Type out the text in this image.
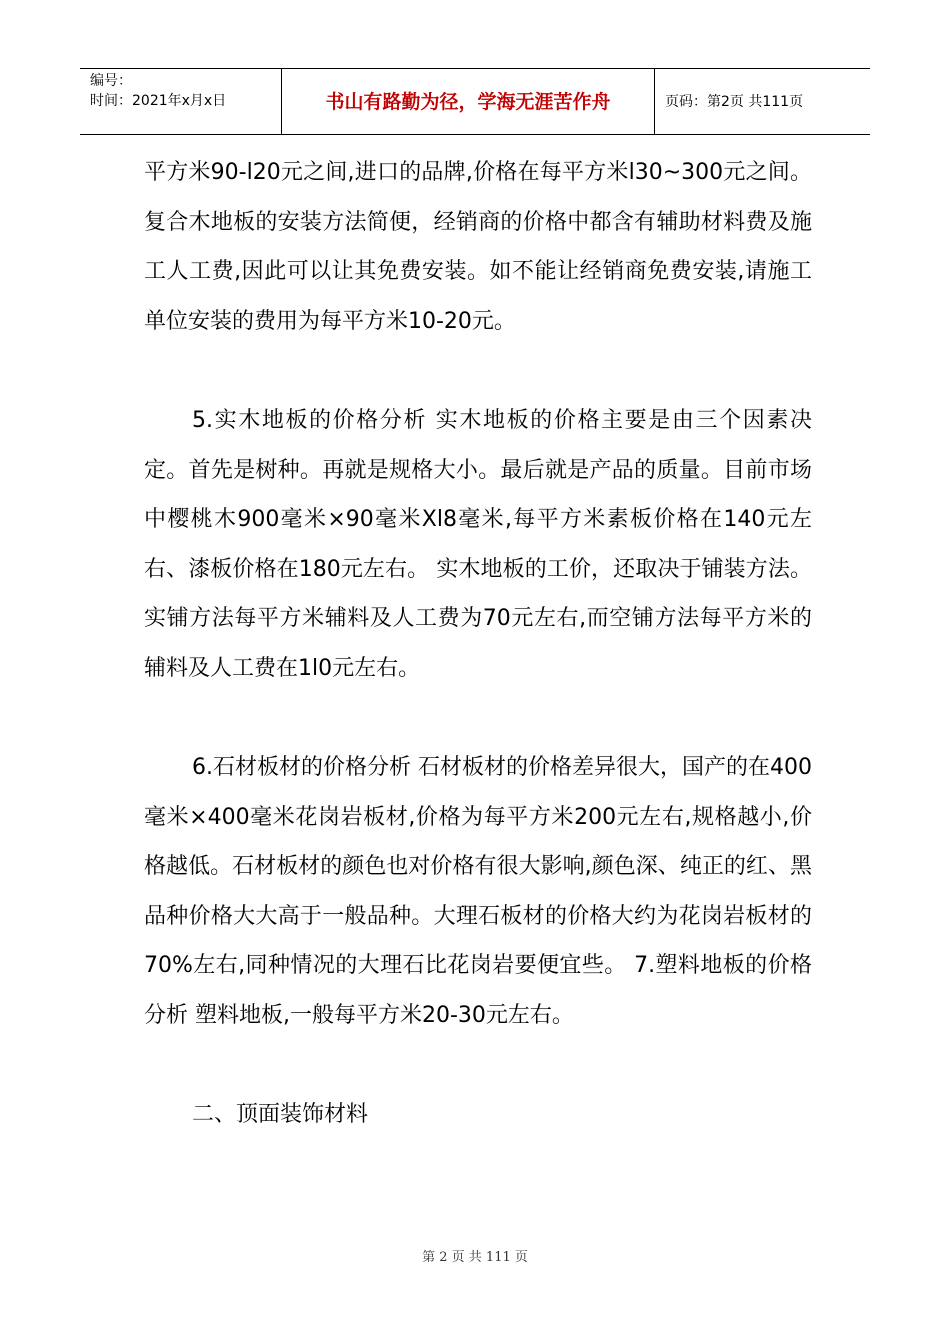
编号：
时间：2021年x月x日	书山有路勤为径，学海无涯苦作舟	页码：第2页 共111页

平方米90-l20元之间,进口的品牌,价格在每平方米l30~300元之间。 复合木地板的安装方法简便，经销商的价格中都含有辅助材料费及施工人工费,因此可以让其免费安装。如不能让经销商免费安装,请施工单位安装的费用为每平方米10-20元。

5.实木地板的价格分析 实木地板的价格主要是由三个因素决定。首先是树种。再就是规格大小。最后就是产品的质量。目前市场中樱桃木900毫米×90毫米Xl8毫米,每平方米素板价格在140元左右、漆板价格在180元左右。 实木地板的工价，还取决于铺装方法。实铺方法每平方米辅料及人工费为70元左右,而空铺方法每平方米的辅料及人工费在1l0元左右。

6.石材板材的价格分析 石材板材的价格差异很大，国产的在400毫米×400毫米花岗岩板材,价格为每平方米200元左右,规格越小,价格越低。石材板材的颜色也对价格有很大影响,颜色深、纯正的红、黑品种价格大大高于一般品种。大理石板材的价格大约为花岗岩板材的70%左右,同种情况的大理石比花岗岩要便宜些。 7.塑料地板的价格分析 塑料地板,一般每平方米20-30元左右。

二、顶面装饰材料

第 2 页 共 111 页
